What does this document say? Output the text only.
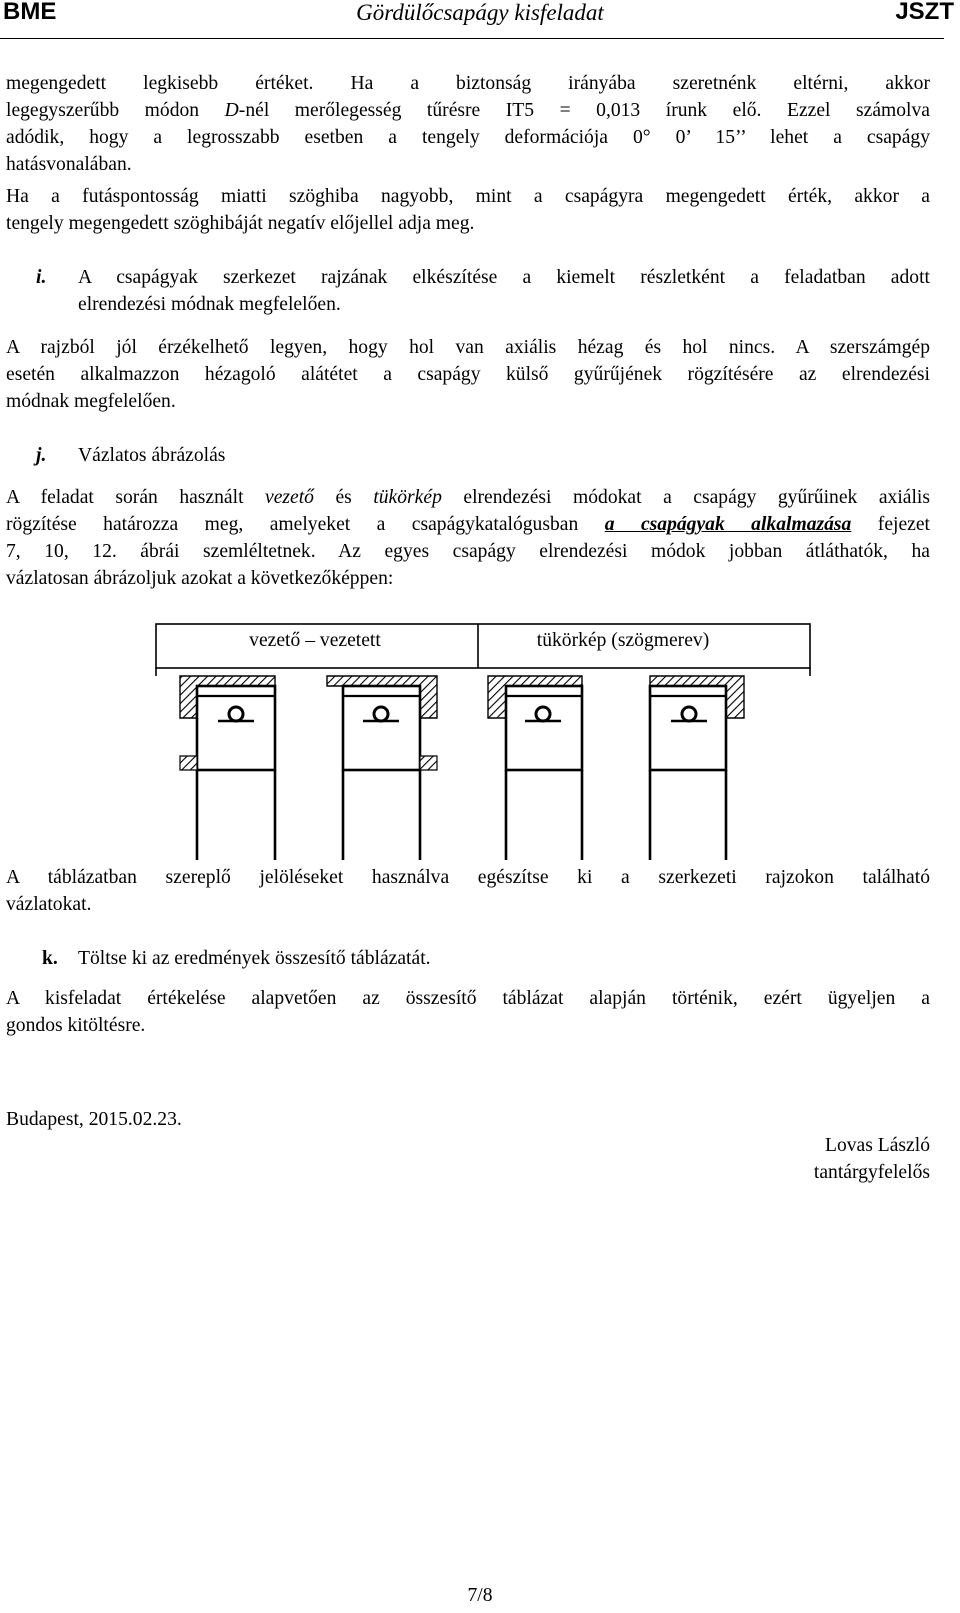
BME	Gördülőcsapágy kisfeladat	JSZT
megengedett legkisebb értéket. Ha a biztonság irányába szeretnénk eltérni, akkor
legegyszerűbb módon D-nél merőlegesség tűrésre IT5 = 0,013 írunk elő. Ezzel számolva
adódik, hogy a legrosszabb esetben a tengely deformációja 0° 0’ 15’’ lehet a csapágy
hatásvonalában.
Ha a futáspontosság miatti szöghiba nagyobb, mint a csapágyra megengedett érték, akkor a
tengely megengedett szöghibáját negatív előjellel adja meg.
i. A csapágyak szerkezet rajzának elkészítése a kiemelt részletként a feladatban adott
elrendezési módnak megfelelően.
A rajzból jól érzékelhető legyen, hogy hol van axiális hézag és hol nincs. A szerszámgép
esetén alkalmazzon hézagoló alátétet a csapágy külső gyűrűjének rögzítésére az elrendezési
módnak megfelelően.
j. Vázlatos ábrázolás
A feladat során használt vezető és tükörkép elrendezési módokat a csapágy gyűrűinek axiális
rögzítése határozza meg, amelyeket a csapágykatalógusban a csapágyak alkalmazása fejezet
7, 10, 12. ábrái szemléltetnek. Az egyes csapágy elrendezési módok jobban átláthatók, ha
vázlatosan ábrázoljuk azokat a következőképpen:
vezető – vezetett	tükörkép (szögmerev)
A táblázatban szereplő jelöléseket használva egészítse ki a szerkezeti rajzokon található
vázlatokat.
k. Töltse ki az eredmények összesítő táblázatát.
A kisfeladat értékelése alapvetően az összesítő táblázat alapján történik, ezért ügyeljen a
gondos kitöltésre.
Budapest, 2015.02.23.
Lovas László
tantárgyfelelős
7/8
